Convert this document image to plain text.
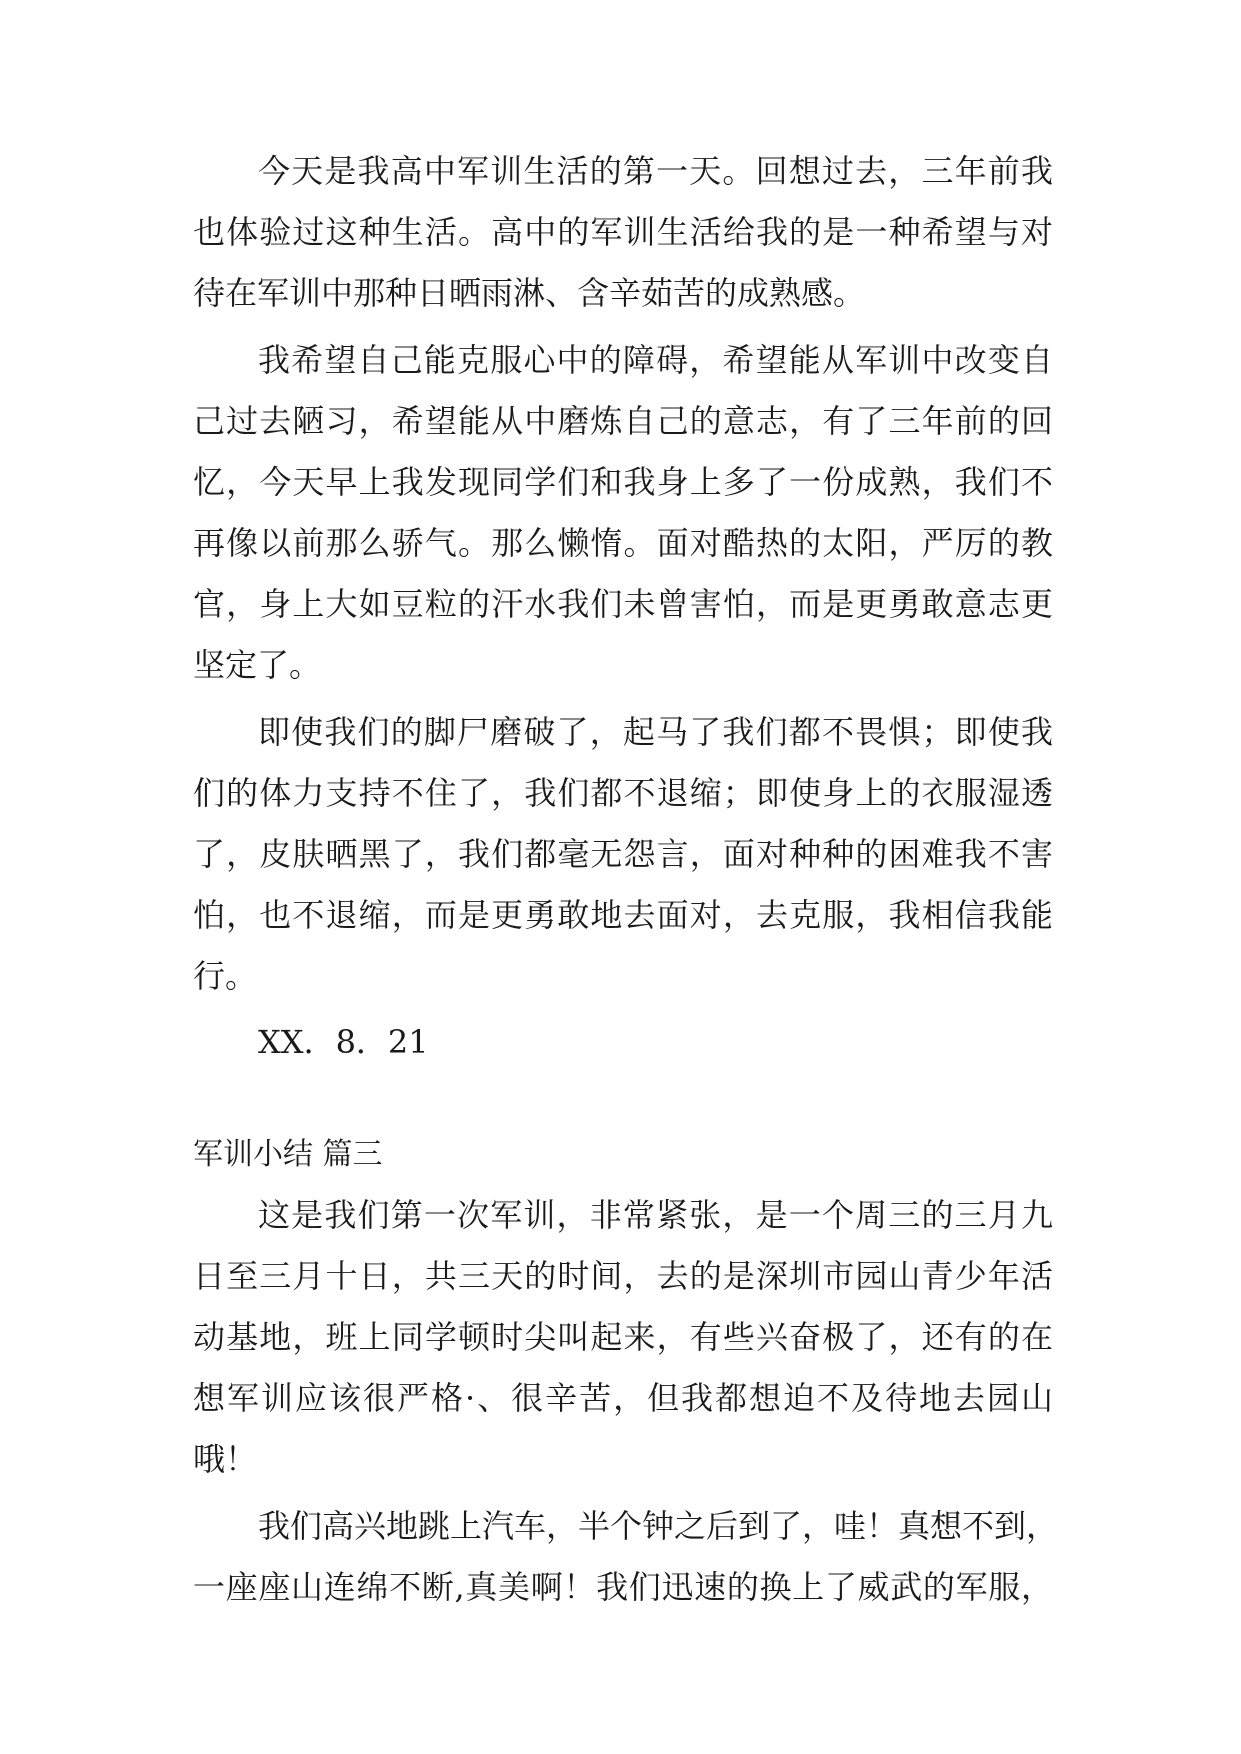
今天是我高中军训生活的第一天。回想过去，三年前我

也体验过这种生活。高中的军训生活给我的是一种希望与对

待在军训中那种日晒雨淋、含辛茹苦的成熟感。

我希望自己能克服心中的障碍，希望能从军训中改变自

己过去陋习，希望能从中磨炼自己的意志，有了三年前的回

忆，今天早上我发现同学们和我身上多了一份成熟，我们不

再像以前那么骄气。那么懒惰。面对酷热的太阳，严厉的教

官，身上大如豆粒的汗水我们未曾害怕，而是更勇敢意志更

坚定了。

即使我们的脚尸磨破了，起马了我们都不畏惧；即使我

们的体力支持不住了，我们都不退缩；即使身上的衣服湿透

了，皮肤晒黑了，我们都毫无怨言，面对种种的困难我不害

怕，也不退缩，而是更勇敢地去面对，去克服，我相信我能

行。

XX．8．21

军训小结 篇三

这是我们第一次军训，非常紧张，是一个周三的三月九

日至三月十日，共三天的时间，去的是深圳市园山青少年活

动基地，班上同学顿时尖叫起来，有些兴奋极了，还有的在

想军训应该很严格·、很辛苦，但我都想迫不及待地去园山

哦！

我们高兴地跳上汽车，半个钟之后到了，哇！真想不到，

一座座山连绵不断,真美啊！我们迅速的换上了威武的军服，
